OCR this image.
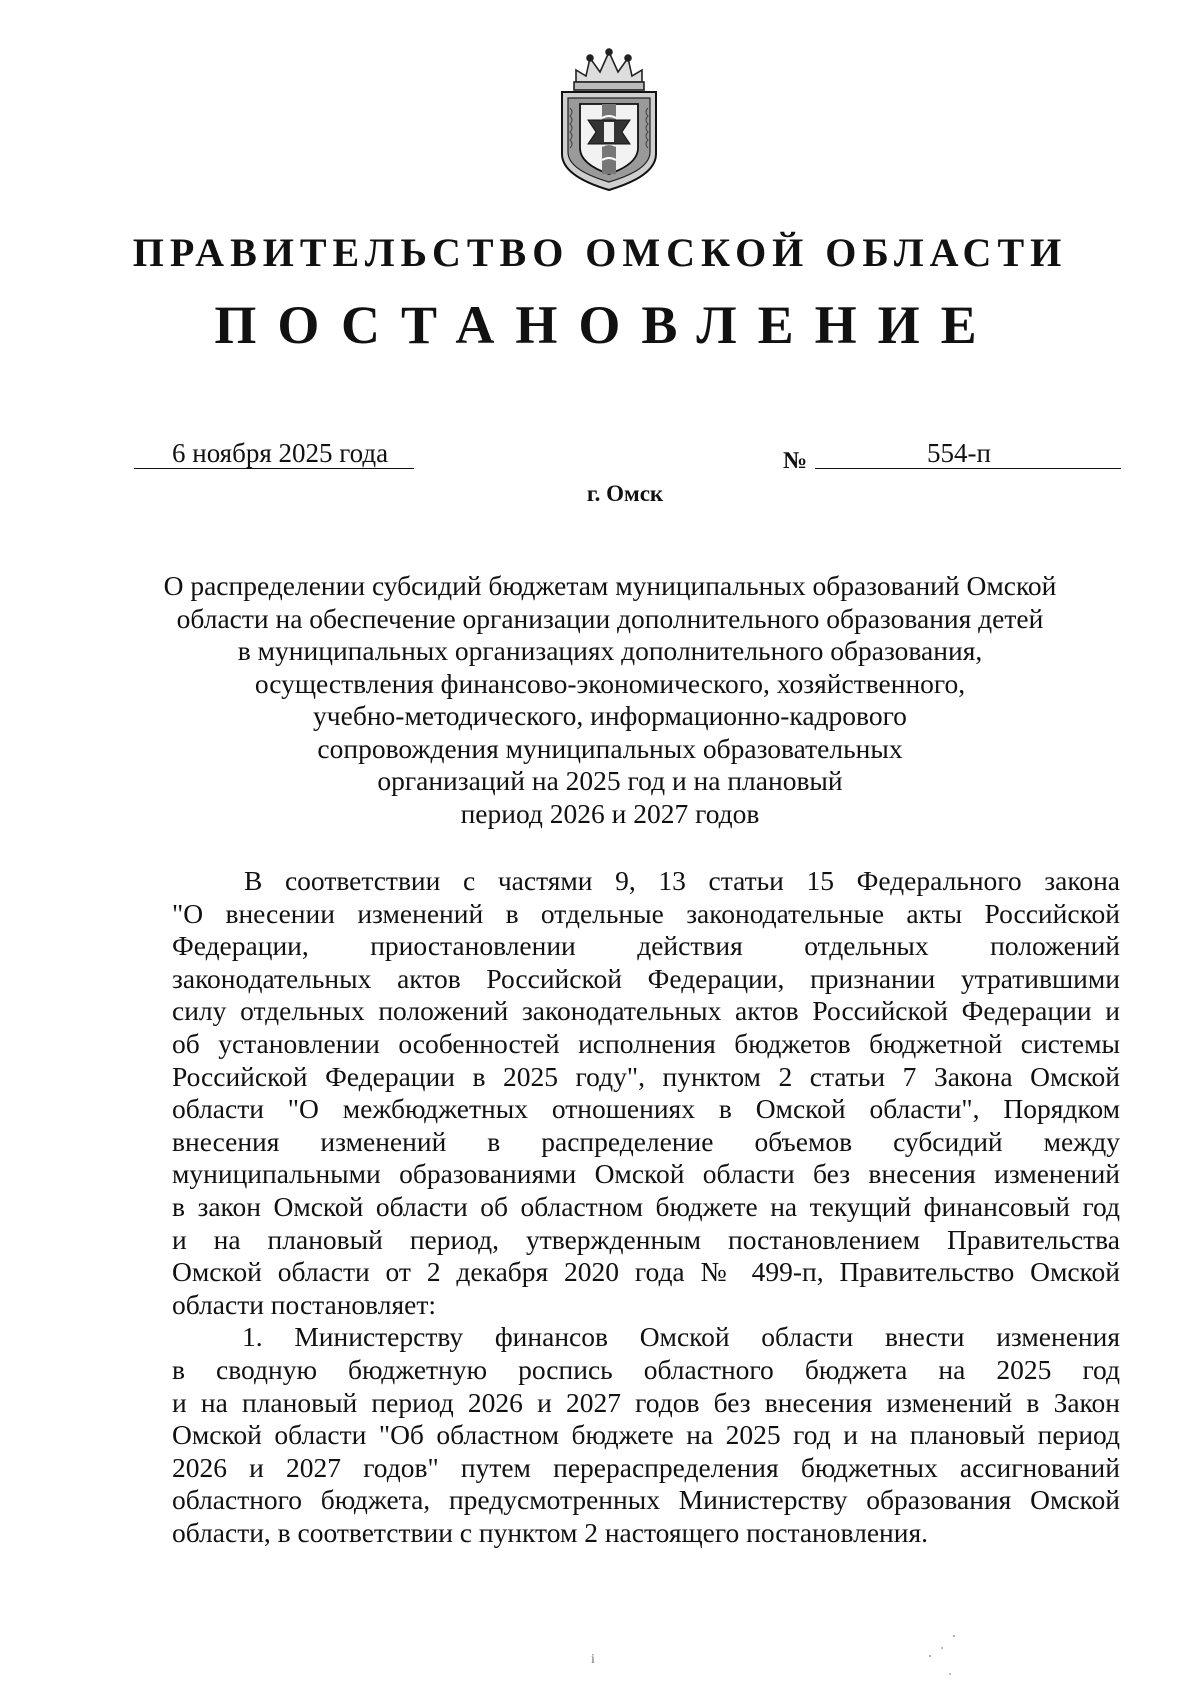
ПРАВИТЕЛЬСТВО ОМСКОЙ ОБЛАСТИ
ПОСТАНОВЛЕНИЕ
6 ноября 2025 года	№	554-п
г. Омск
О распределении субсидий бюджетам муниципальных образований Омской
области на обеспечение организации дополнительного образования детей
в муниципальных организациях дополнительного образования,
осуществления финансово-экономического, хозяйственного,
учебно-методического, информационно-кадрового
сопровождения муниципальных образовательных
организаций на 2025 год и на плановый
период 2026 и 2027 годов
В соответствии с частями 9, 13 статьи 15 Федерального закона
"О внесении изменений в отдельные законодательные акты Российской
Федерации, приостановлении действия отдельных положений
законодательных актов Российской Федерации, признании утратившими
силу отдельных положений законодательных актов Российской Федерации и
об установлении особенностей исполнения бюджетов бюджетной системы
Российской Федерации в 2025 году", пунктом 2 статьи 7 Закона Омской
области "О межбюджетных отношениях в Омской области", Порядком
внесения изменений в распределение объемов субсидий между
муниципальными образованиями Омской области без внесения изменений
в закон Омской области об областном бюджете на текущий финансовый год
и на плановый период, утвержденным постановлением Правительства
Омской области от 2 декабря 2020 года № 499-п, Правительство Омской
области постановляет:
1. Министерству финансов Омской области внести изменения
в сводную бюджетную роспись областного бюджета на 2025 год
и на плановый период 2026 и 2027 годов без внесения изменений в Закон
Омской области "Об областном бюджете на 2025 год и на плановый период
2026 и 2027 годов" путем перераспределения бюджетных ассигнований
областного бюджета, предусмотренных Министерству образования Омской
области, в соответствии с пунктом 2 настоящего постановления.
i
